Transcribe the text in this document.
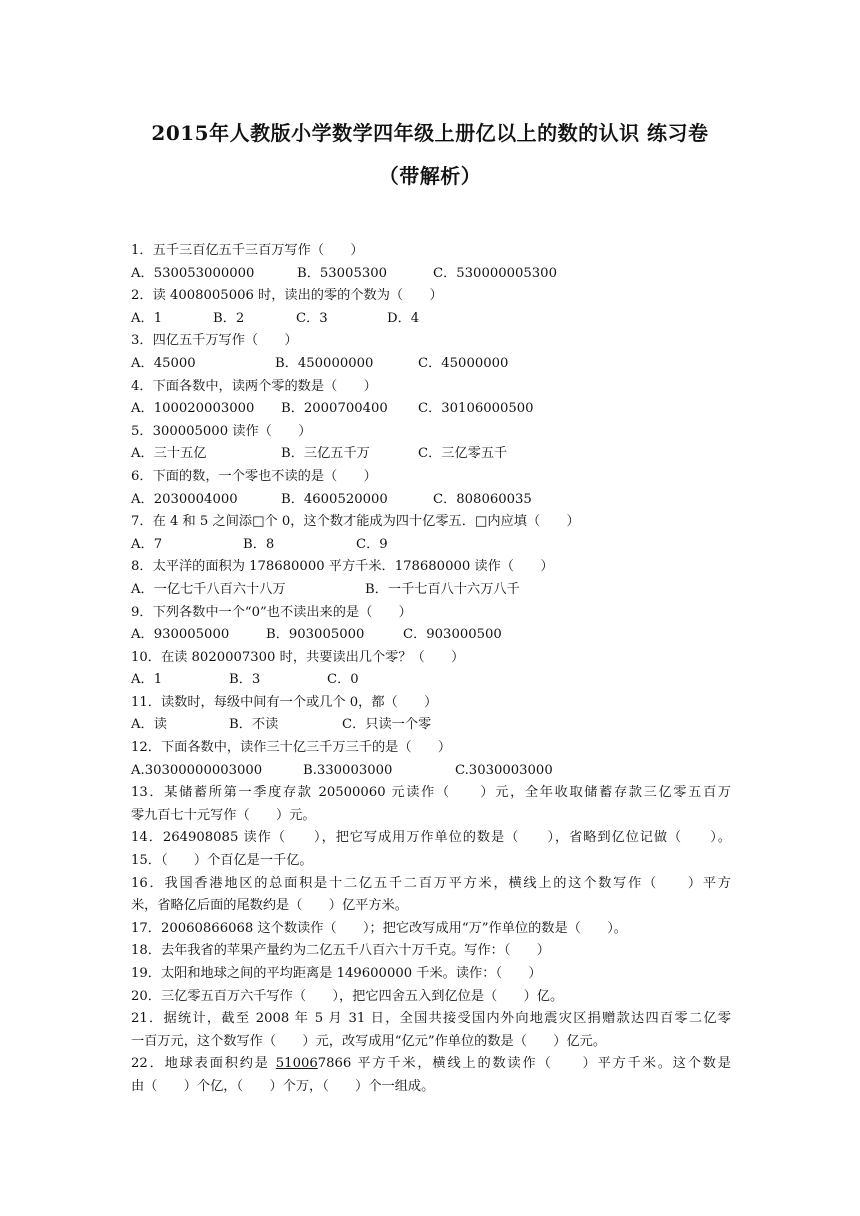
2015年人教版小学数学四年级上册亿以上的数的认识 练习卷
（带解析）
1．五千三百亿五千三百万写作（　　）
A．530053000000	B．53005300	C．530000005300
2．读 4008005006 时，读出的零的个数为（　　）
A．1	B．2	C．3	D．4
3．四亿五千万写作（　　）
A．45000	B．450000000	C．45000000
4．下面各数中，读两个零的数是（　　）
A．100020003000 B．2000700400 C．30106000500
5．300005000 读作（　　）
A．三十五亿	B．三亿五千万	C．三亿零五千
6．下面的数，一个零也不读的是（　　）
A．2030004000	B．4600520000	C．808060035
7．在 4 和 5 之间添□个 0，这个数才能成为四十亿零五．□内应填（　　）
A．7	B．8	C．9
8．太平洋的面积为 178680000 平方千米．178680000 读作（　　）
A．一亿七千八百六十八万	B．一千七百八十六万八千
9．下列各数中一个“0”也不读出来的是（　　）
A．930005000	B．903005000	C．903000500
10．在读 8020007300 时，共要读出几个零？（　　）
A．1	B．3	C．0
11．读数时，每级中间有一个或几个 0，都（　　）
A．读	B．不读	C．只读一个零
12．下面各数中，读作三十亿三千万三千的是（　　）
A.30300000003000	B.330003000	C.3030003000
13．某储蓄所第一季度存款 20500060 元读作（　　）元，全年收取储蓄存款三亿零五百万
零九百七十元写作（　　）元。
14．264908085 读作（　　），把它写成用万作单位的数是（　　），省略到亿位记做（　　）。
15．（　　）个百亿是一千亿。
16．我国香港地区的总面积是十二亿五千二百万平方米，横线上的这个数写作（　　）平方
米，省略亿后面的尾数约是（　　）亿平方米。
17．20060866068 这个数读作（　　）；把它改写成用“万”作单位的数是（　　）。
18．去年我省的苹果产量约为二亿五千八百六十万千克。写作：（　　）
19．太阳和地球之间的平均距离是 149600000 千米。读作：（　　）
20．三亿零五百万六千写作（　　），把它四舍五入到亿位是（　　）亿。
21．据统计，截至 2008 年 5 月 31 日，全国共接受国内外向地震灾区捐赠款达四百零二亿零
一百万元，这个数写作（　　）元，改写成用“亿元”作单位的数是（　　）亿元。
22．地球表面积约是 510067866 平方千米，横线上的数读作（　　）平方千米。这个数是
由（　　）个亿，（　　）个万，（　　）个一组成。
